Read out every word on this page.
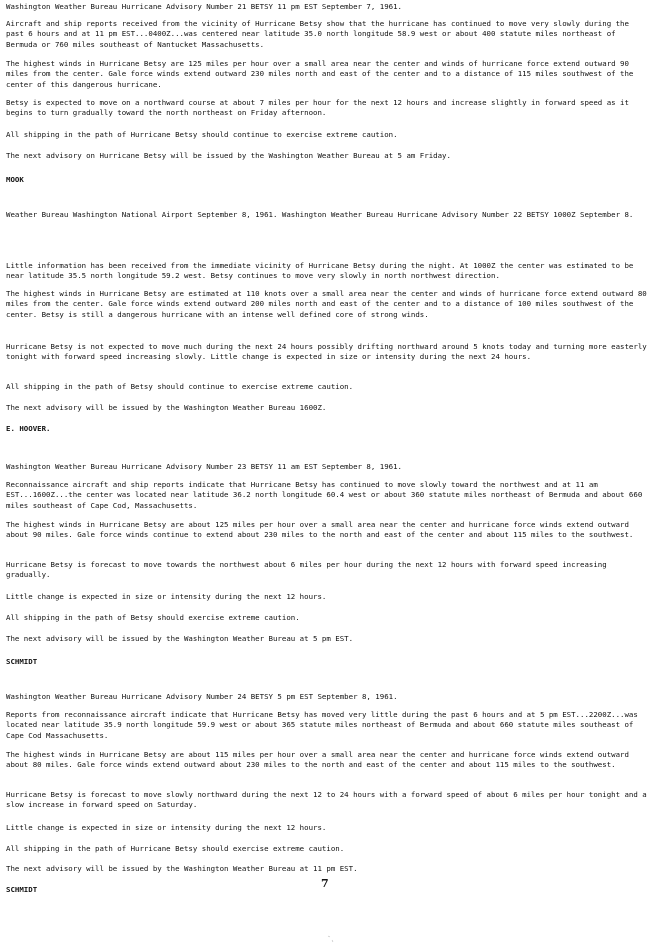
Washington Weather Bureau Hurricane Advisory Number 21 BETSY 11 pm EST September 7, 1961.
Aircraft and ship reports received from the vicinity of Hurricane Betsy show that the hurricane has continued to move very slowly during the past 6 hours and at 11 pm EST...0400Z...was centered near latitude 35.0 north longitude 58.9 west or about 400 statute miles northeast of Bermuda or 760 miles southeast of Nantucket Massachusetts.
The highest winds in Hurricane Betsy are 125 miles per hour over a small area near the center and winds of hurricane force extend outward 90 miles from the center. Gale force winds extend outward 230 miles north and east of the center and to a distance of 115 miles southwest of the center of this dangerous hurricane.
Betsy is expected to move on a northward course at about 7 miles per hour for the next 12 hours and increase slightly in forward speed as it begins to turn gradually toward the north northeast on Friday afternoon.
All shipping in the path of Hurricane Betsy should continue to exercise extreme caution.
The next advisory on Hurricane Betsy will be issued by the Washington Weather Bureau at 5 am Friday.
MOOK
Weather Bureau Washington National Airport September 8, 1961. Washington Weather Bureau Hurricane Advisory Number 22 BETSY 1000Z September 8.
Little information has been received from the immediate vicinity of Hurricane Betsy during the night. At 1000Z the center was estimated to be near latitude 35.5 north longitude 59.2 west. Betsy continues to move very slowly in north northwest direction.
The highest winds in Hurricane Betsy are estimated at 110 knots over a small area near the center and winds of hurricane force extend outward 80 miles from the center. Gale force winds extend outward 200 miles north and east of the center and to a distance of 100 miles southwest of the center. Betsy is still a dangerous hurricane with an intense well defined core of strong winds.
Hurricane Betsy is not expected to move much during the next 24 hours possibly drifting northward around 5 knots today and turning more easterly tonight with forward speed increasing slowly. Little change is expected in size or intensity during the next 24 hours.
All shipping in the path of Betsy should continue to exercise extreme caution.
The next advisory will be issued by the Washington Weather Bureau 1600Z.
E. HOOVER.
Washington Weather Bureau Hurricane Advisory Number 23 BETSY 11 am EST September 8, 1961.
Reconnaissance aircraft and ship reports indicate that Hurricane Betsy has continued to move slowly toward the northwest and at 11 am EST...1600Z...the center was located near latitude 36.2 north longitude 60.4 west or about 360 statute miles northeast of Bermuda and about 660 miles southeast of Cape Cod, Massachusetts.
The highest winds in Hurricane Betsy are about 125 miles per hour over a small area near the center and hurricane force winds extend outward about 90 miles. Gale force winds continue to extend about 230 miles to the north and east of the center and about 115 miles to the southwest.
Hurricane Betsy is forecast to move towards the northwest about 6 miles per hour during the next 12 hours with forward speed increasing gradually.
Little change is expected in size or intensity during the next 12 hours.
All shipping in the path of Betsy should exercise extreme caution.
The next advisory will be issued by the Washington Weather Bureau at 5 pm EST.
SCHMIDT
Washington Weather Bureau Hurricane Advisory Number 24 BETSY 5 pm EST September 8, 1961.
Reports from reconnaissance aircraft indicate that Hurricane Betsy has moved very little during the past 6 hours and at 5 pm EST...2200Z...was located near latitude 35.9 north longitude 59.9 west or about 365 statute miles northeast of Bermuda and about 660 statute miles southeast of Cape Cod Massachusetts.
The highest winds in Hurricane Betsy are about 115 miles per hour over a small area near the center and hurricane force winds extend outward about 80 miles. Gale force winds extend outward about 230 miles to the north and east of the center and about 115 miles to the southwest.
Hurricane Betsy is forecast to move slowly northward during the next 12 to 24 hours with a forward speed of about 6 miles per hour tonight and a slow increase in forward speed on Saturday.
Little change is expected in size or intensity during the next 12 hours.
All shipping in the path of Hurricane Betsy should exercise extreme caution.
The next advisory will be issued by the Washington Weather Bureau at 11 pm EST.
SCHMIDT	7
